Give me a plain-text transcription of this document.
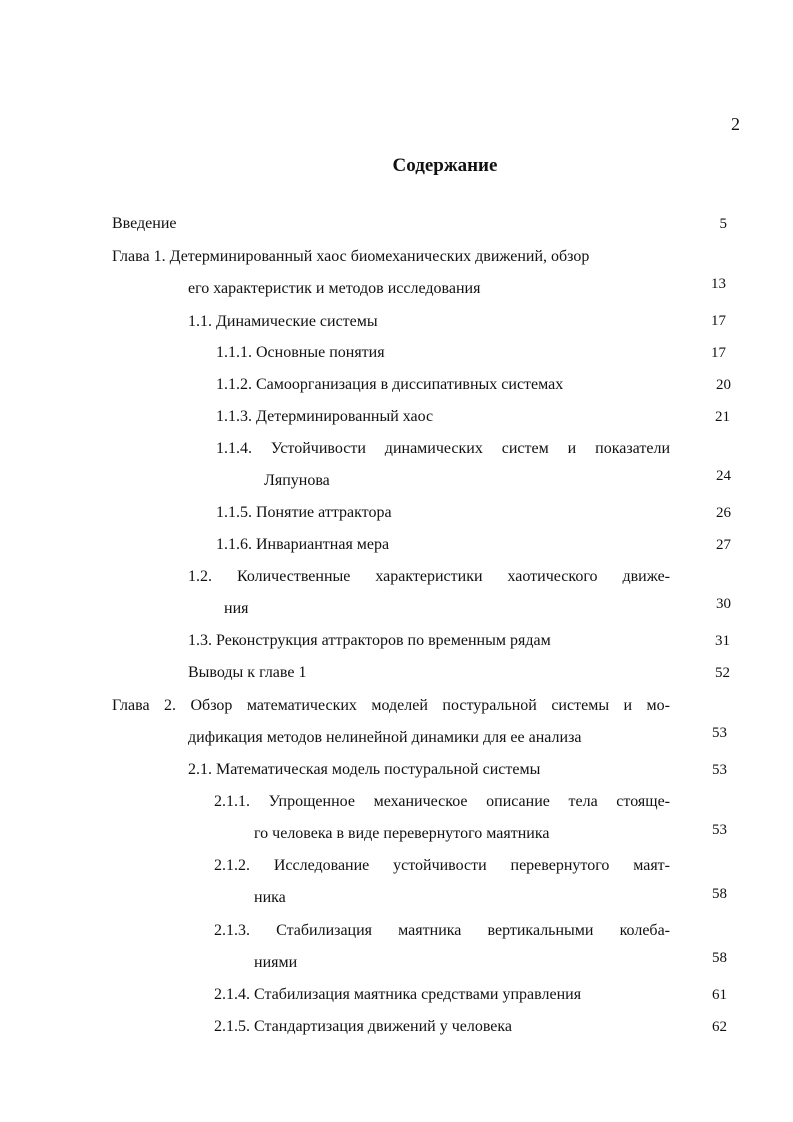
2
Содержание
Введение	5
Глава 1. Детерминированный хаос биомеханических движений, обзор
его характеристик и методов исследования	13
1.1. Динамические системы	17
1.1.1. Основные понятия	17
1.1.2. Самоорганизация в диссипативных системах	20
1.1.3. Детерминированный хаос	21
1.1.4. Устойчивости динамических систем и показатели
Ляпунова	24
1.1.5. Понятие аттрактора	26
1.1.6. Инвариантная мера	27
1.2. Количественные характеристики хаотического движе-
ния	30
1.3. Реконструкция аттракторов по временным рядам	31
Выводы к главе 1	52
Глава 2. Обзор математических моделей постуральной системы и мо-
дификация методов нелинейной динамики для ее анализа	53
2.1. Математическая модель постуральной системы	53
2.1.1. Упрощенное механическое описание тела стояще-
го человека в виде перевернутого маятника	53
2.1.2. Исследование устойчивости перевернутого маят-
ника	58
2.1.3. Стабилизация маятника вертикальными колеба-
ниями	58
2.1.4. Стабилизация маятника средствами управления	61
2.1.5. Стандартизация движений у человека	62
